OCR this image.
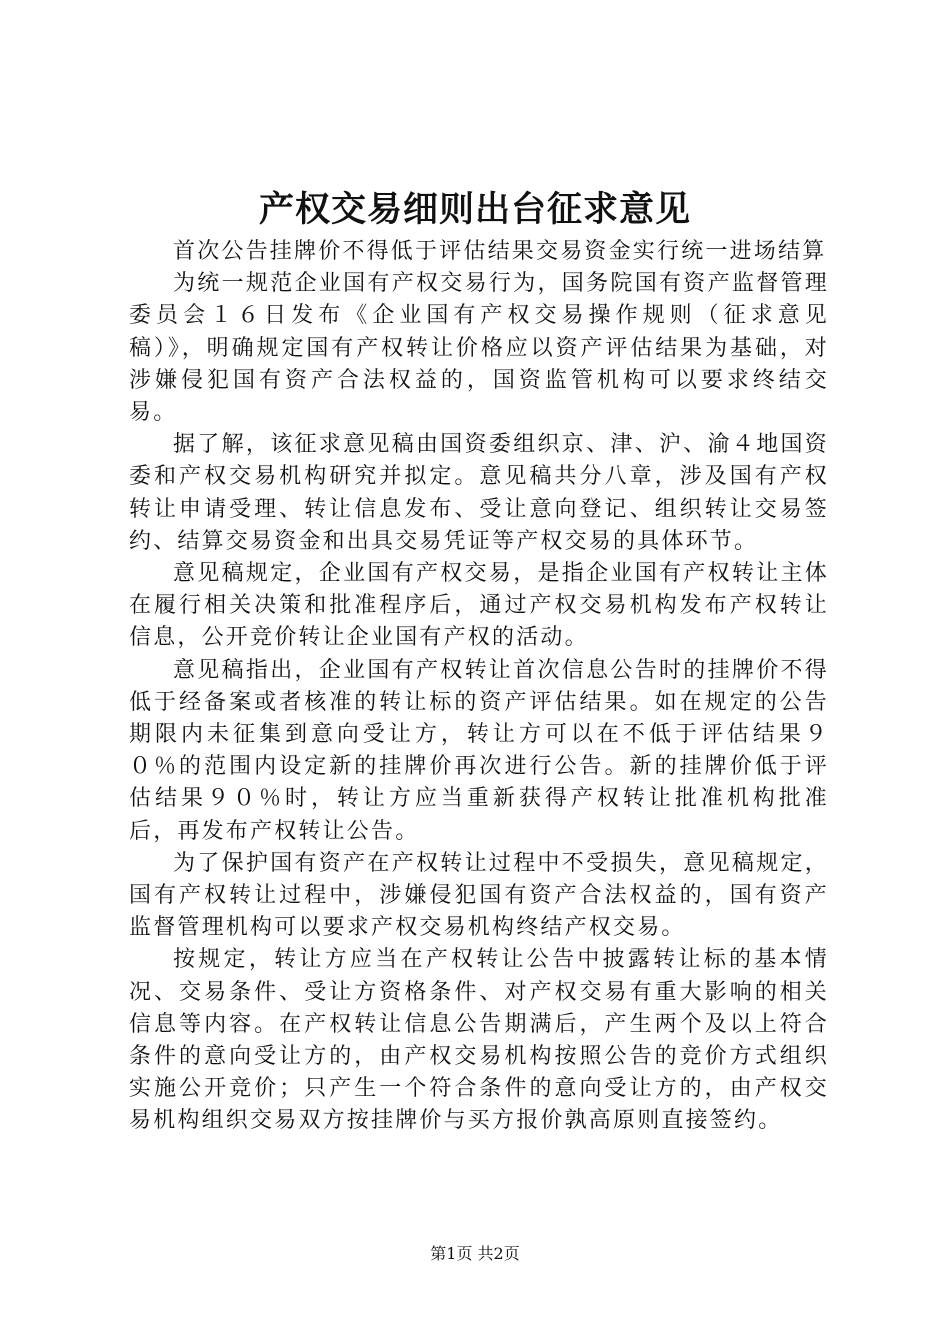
产权交易细则出台征求意见

首次公告挂牌价不得低于评估结果交易资金实行统一进场结算

为统一规范企业国有产权交易行为，国务院国有资产监督管理委员会１６日发布《企业国有产权交易操作规则（征求意见稿）》，明确规定国有产权转让价格应以资产评估结果为基础，对涉嫌侵犯国有资产合法权益的，国资监管机构可以要求终结交易。

据了解，该征求意见稿由国资委组织京、津、沪、渝４地国资委和产权交易机构研究并拟定。意见稿共分八章，涉及国有产权转让申请受理、转让信息发布、受让意向登记、组织转让交易签约、结算交易资金和出具交易凭证等产权交易的具体环节。

意见稿规定，企业国有产权交易，是指企业国有产权转让主体在履行相关决策和批准程序后，通过产权交易机构发布产权转让信息，公开竞价转让企业国有产权的活动。

意见稿指出，企业国有产权转让首次信息公告时的挂牌价不得低于经备案或者核准的转让标的资产评估结果。如在规定的公告期限内未征集到意向受让方，转让方可以在不低于评估结果９０％的范围内设定新的挂牌价再次进行公告。新的挂牌价低于评估结果９０％时，转让方应当重新获得产权转让批准机构批准后，再发布产权转让公告。

为了保护国有资产在产权转让过程中不受损失，意见稿规定，国有产权转让过程中，涉嫌侵犯国有资产合法权益的，国有资产监督管理机构可以要求产权交易机构终结产权交易。

按规定，转让方应当在产权转让公告中披露转让标的基本情况、交易条件、受让方资格条件、对产权交易有重大影响的相关信息等内容。在产权转让信息公告期满后，产生两个及以上符合条件的意向受让方的，由产权交易机构按照公告的竞价方式组织实施公开竞价；只产生一个符合条件的意向受让方的，由产权交易机构组织交易双方按挂牌价与买方报价孰高原则直接签约。

第1页 共2页
